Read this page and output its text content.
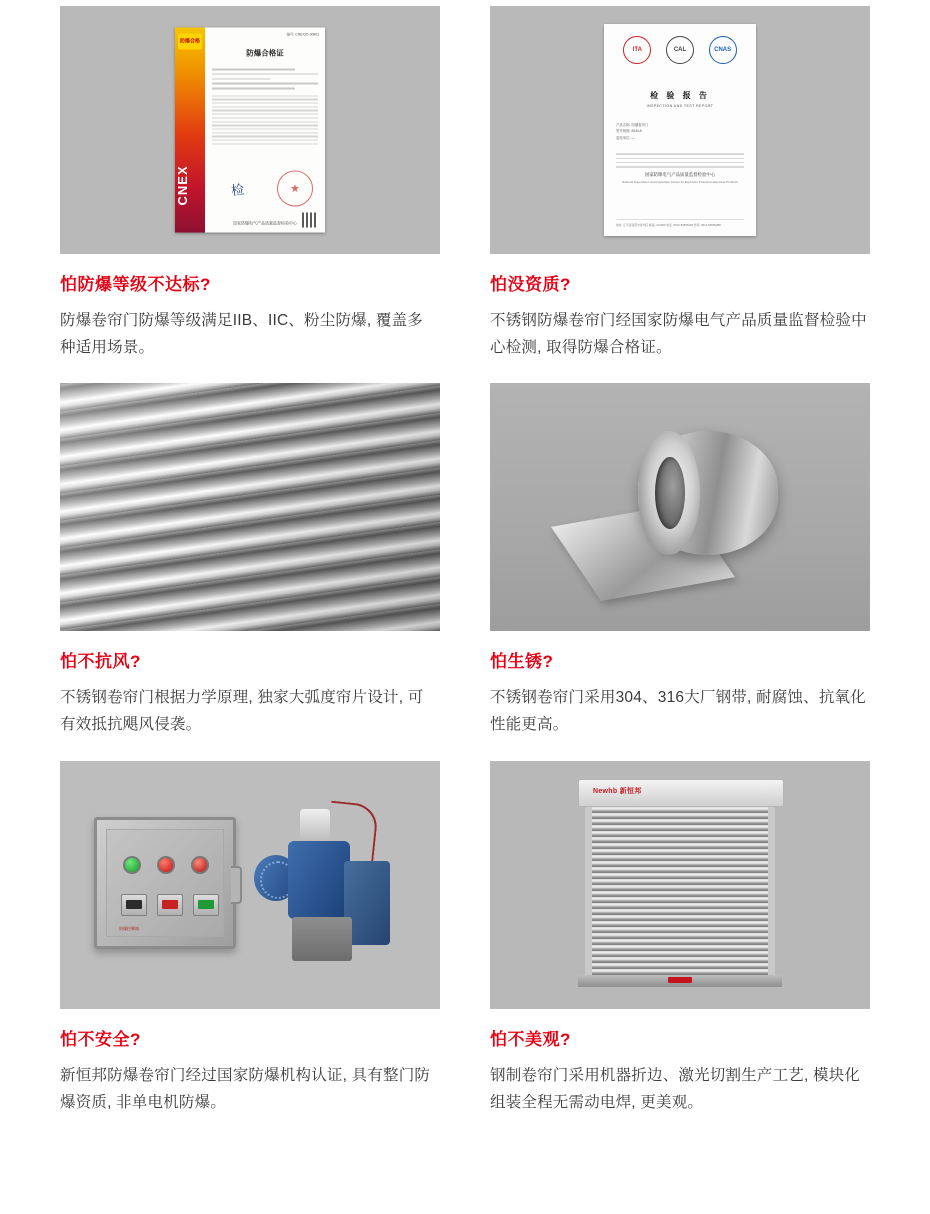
防爆合格
CNEX
编号: CNEX20-30801
防爆合格证
检
国家防爆电气产品质量监督检验中心
怕防爆等级不达标?
防爆卷帘门防爆等级满足IIB、IIC、粉尘防爆, 覆盖多种适用场景。
ITA	CAL	CNAS
检 验 报 告
INSPECTION AND TEST REPORT
产品名称: 防爆卷帘门
型号规格: BLM-A
委托单位: —
国家防爆电气产品质量监督检验中心
National Supervision and Inspection Center for Explosion Protection Electrical Products
地址: 江苏省南阳市常州区 邮编: 212000 电话: 0516-83556266 传真: 0516-83556288
怕没资质?
不锈钢防爆卷帘门经国家防爆电气产品质量监督检验中心检测, 取得防爆合格证。
怕不抗风?
不锈钢卷帘门根据力学原理, 独家大弧度帘片设计, 可有效抵抗飓风侵袭。
怕生锈?
不锈钢卷帘门采用304、316大厂钢带, 耐腐蚀、抗氧化性能更高。
防爆控制箱
怕不安全?
新恒邦防爆卷帘门经过国家防爆机构认证, 具有整门防爆资质, 非单电机防爆。
Newhb 新恒邦
怕不美观?
钢制卷帘门采用机器折边、激光切割生产工艺, 模块化组装全程无需动电焊, 更美观。
